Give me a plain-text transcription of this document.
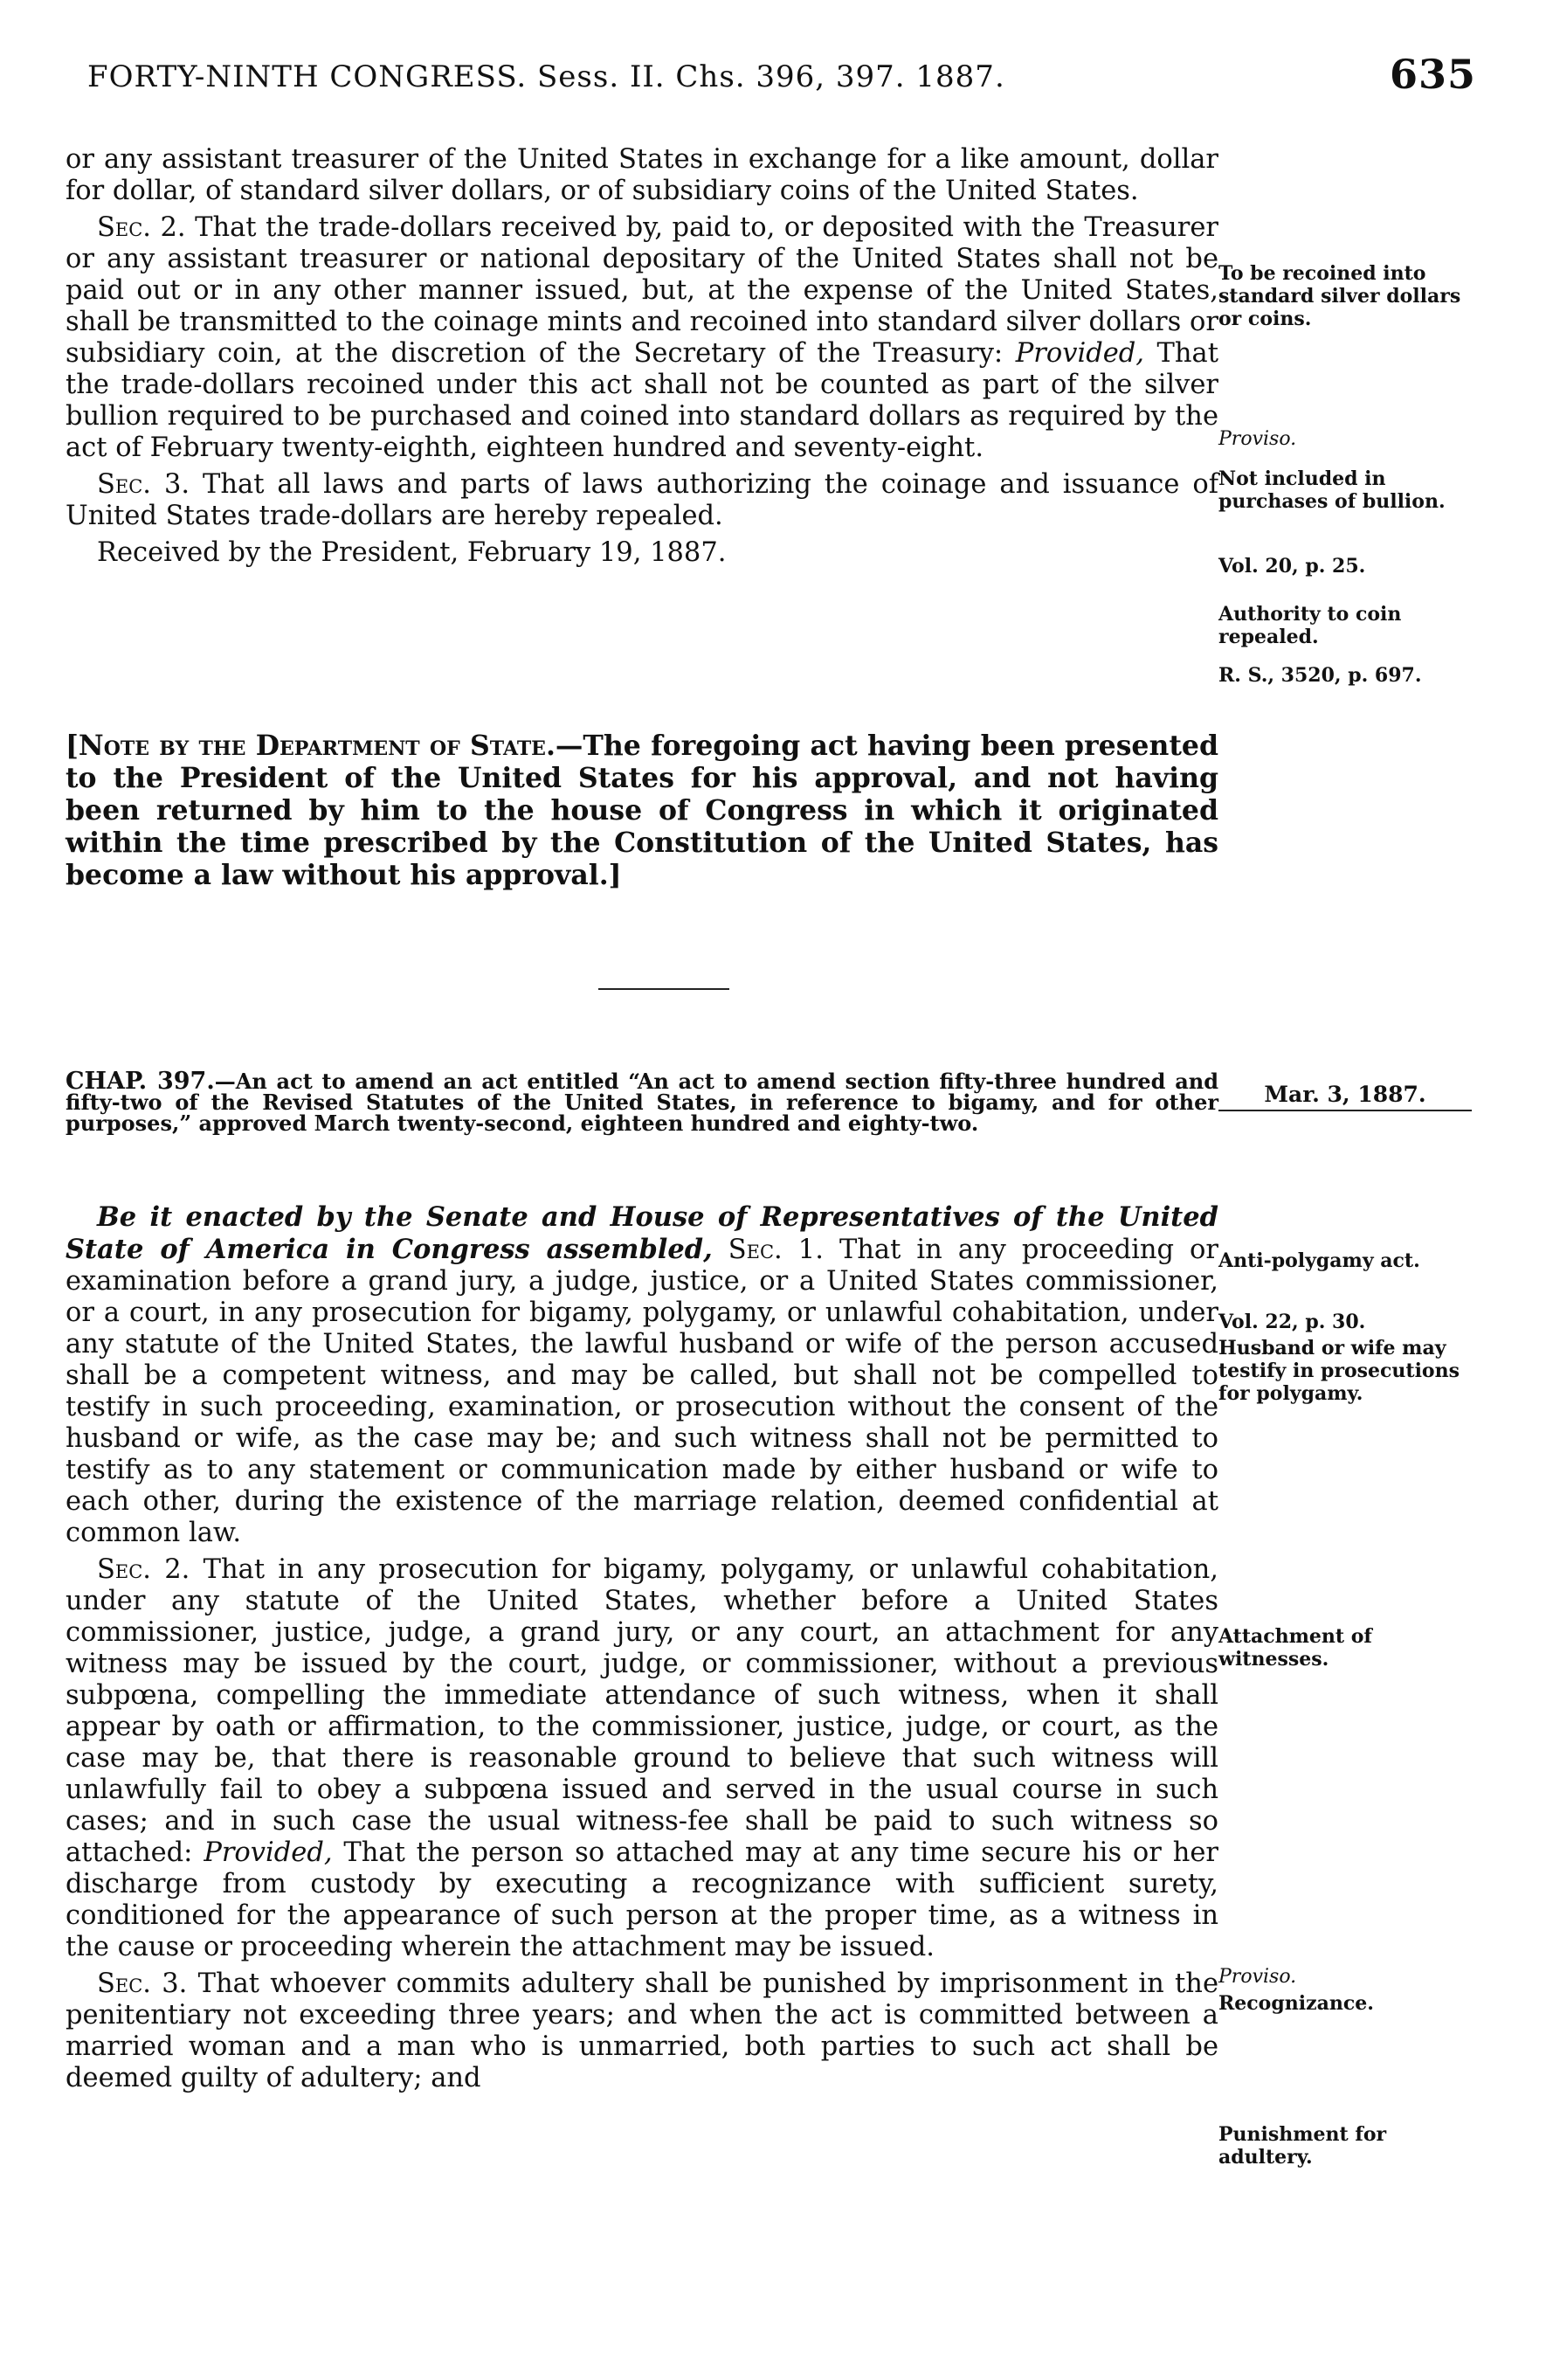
FORTY-NINTH CONGRESS. Sess. II. Chs. 396, 397. 1887.	635

or any assistant treasurer of the United States in exchange for a like amount, dollar for dollar, of standard silver dollars, or of subsidiary coins of the United States.

Sec. 2. That the trade-dollars received by, paid to, or deposited with the Treasurer or any assistant treasurer or national depositary of the United States shall not be paid out or in any other manner issued, but, at the expense of the United States, shall be transmitted to the coinage mints and recoined into standard silver dollars or subsidiary coin, at the discretion of the Secretary of the Treasury: Provided, That the trade-dollars recoined under this act shall not be counted as part of the silver bullion required to be purchased and coined into standard dollars as required by the act of February twenty-eighth, eighteen hundred and seventy-eight.

Sec. 3. That all laws and parts of laws authorizing the coinage and issuance of United States trade-dollars are hereby repealed.

Received by the President, February 19, 1887.

To be recoined into standard silver dollars or coins.
Proviso.
Not included in purchases of bullion.
Vol. 20, p. 25.
Authority to coin repealed.
R. S., 3520, p. 697.
[Note by the Department of State.—The foregoing act having been presented to the President of the United States for his approval, and not having been returned by him to the house of Congress in which it originated within the time prescribed by the Constitution of the United States, has become a law without his approval.]
CHAP. 397.—An act to amend an act entitled “An act to amend section fifty-three hundred and fifty-two of the Revised Statutes of the United States, in reference to bigamy, and for other purposes,” approved March twenty-second, eighteen hundred and eighty-two.
Mar. 3, 1887.

Be it enacted by the Senate and House of Representatives of the United State of America in Congress assembled, Sec. 1. That in any proceeding or examination before a grand jury, a judge, justice, or a United States commissioner, or a court, in any prosecution for bigamy, polygamy, or unlawful cohabitation, under any statute of the United States, the lawful husband or wife of the person accused shall be a competent witness, and may be called, but shall not be compelled to testify in such proceeding, examination, or prosecution without the consent of the husband or wife, as the case may be; and such witness shall not be permitted to testify as to any statement or communication made by either husband or wife to each other, during the existence of the marriage relation, deemed confidential at common law.

Sec. 2. That in any prosecution for bigamy, polygamy, or unlawful cohabitation, under any statute of the United States, whether before a United States commissioner, justice, judge, a grand jury, or any court, an attachment for any witness may be issued by the court, judge, or commissioner, without a previous subpœna, compelling the immediate attendance of such witness, when it shall appear by oath or affirmation, to the commissioner, justice, judge, or court, as the case may be, that there is reasonable ground to believe that such witness will unlawfully fail to obey a subpœna issued and served in the usual course in such cases; and in such case the usual witness-fee shall be paid to such witness so attached: Provided, That the person so attached may at any time secure his or her discharge from custody by executing a recognizance with sufficient surety, conditioned for the appearance of such person at the proper time, as a witness in the cause or proceeding wherein the attachment may be issued.

Sec. 3. That whoever commits adultery shall be punished by imprisonment in the penitentiary not exceeding three years; and when the act is committed between a married woman and a man who is unmarried, both parties to such act shall be deemed guilty of adultery; and

Anti-polygamy act.
Vol. 22, p. 30.
Husband or wife may testify in prosecutions for polygamy.
Attachment of witnesses.
Proviso.
Recognizance.
Punishment for adultery.
